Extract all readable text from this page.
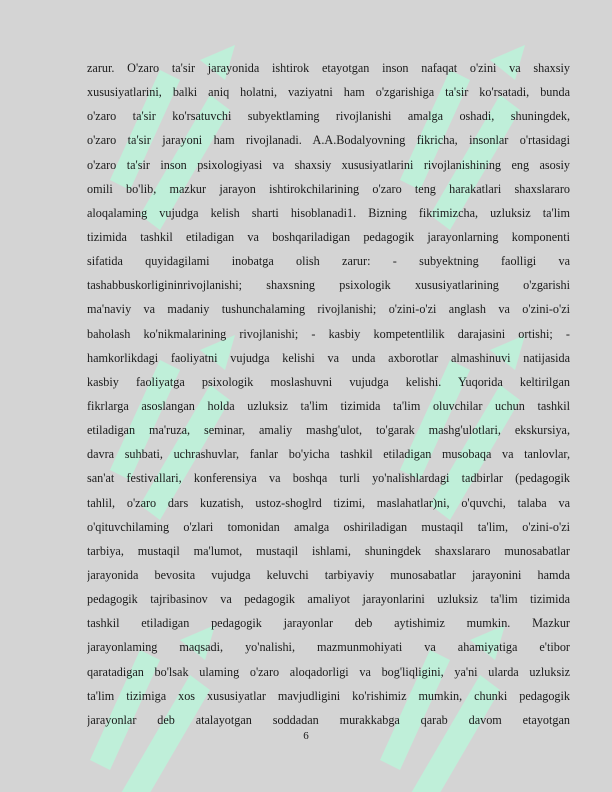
zarur. O'zaro ta'sir jarayonida ishtirok etayotgan inson nafaqat o'zini va shaxsiy
xususiyatlarini, balki aniq holatni, vaziyatni ham o'zgarishiga ta'sir ko'rsatadi, bunda
o'zaro ta'sir ko'rsatuvchi subyektlaming rivojlanishi amalga oshadi, shuningdek,
o'zaro ta'sir jarayoni ham rivojlanadi. A.A.Bodalyovning fikricha, insonlar o'rtasidagi
o'zaro ta'sir inson psixologiyasi va shaxsiy xususiyatlarini rivojlanishining eng asosiy
omili bo'lib, mazkur jarayon ishtirokchilarining o'zaro teng harakatlari shaxslararo
aloqalaming vujudga kelish sharti hisoblanadi1. Bizning fikrimizcha, uzluksiz ta'lim
tizimida tashkil etiladigan va boshqariladigan pedagogik jarayonlarning komponenti
sifatida quyidagilami inobatga olish zarur: - subyektning faolligi va
tashabbuskorligininrivojlanishi; shaxsning psixologik xususiyatlarining o'zgarishi
ma'naviy va madaniy tushunchalaming rivojlanishi; o'zini-o'zi anglash va o'zini-o'zi
baholash ko'nikmalarining rivojlanishi; - kasbiy kompetentlilik darajasini ortishi; -
hamkorlikdagi faoliyatni vujudga kelishi va unda axborotlar almashinuvi natijasida
kasbiy faoliyatga psixologik moslashuvni vujudga kelishi. Yuqorida keltirilgan
fikrlarga asoslangan holda uzluksiz ta'lim tizimida ta'lim oluvchilar uchun tashkil
etiladigan ma'ruza, seminar, amaliy mashg'ulot, to'garak mashg'ulotlari, ekskursiya,
davra suhbati, uchrashuvlar, fanlar bo'yicha tashkil etiladigan musobaqa va tanlovlar,
san'at festivallari, konferensiya va boshqa turli yo'nalishlardagi tadbirlar (pedagogik
tahlil, o'zaro dars kuzatish, ustoz-shoglrd tizimi, maslahatlar)ni, o'quvchi, talaba va
o'qituvchilaming o'zlari tomonidan amalga oshiriladigan mustaqil ta'lim, o'zini-o'zi
tarbiya, mustaqil ma'lumot, mustaqil ishlami, shuningdek shaxslararo munosabatlar
jarayonida bevosita vujudga keluvchi tarbiyaviy munosabatlar jarayonini hamda
pedagogik tajribasinov va pedagogik amaliyot jarayonlarini uzluksiz ta'lim tizimida
tashkil etiladigan pedagogik jarayonlar deb aytishimiz mumkin. Mazkur
jarayonlaming maqsadi, yo'nalishi, mazmunmohiyati va ahamiyatiga e'tibor
qaratadigan bo'lsak ulaming o'zaro aloqadorligi va bog'liqligini, ya'ni ularda uzluksiz
ta'lim tizimiga xos xususiyatlar mavjudligini ko'rishimiz mumkin, chunki pedagogik
jarayonlar deb atalayotgan soddadan murakkabga qarab davom etayotgan
6
